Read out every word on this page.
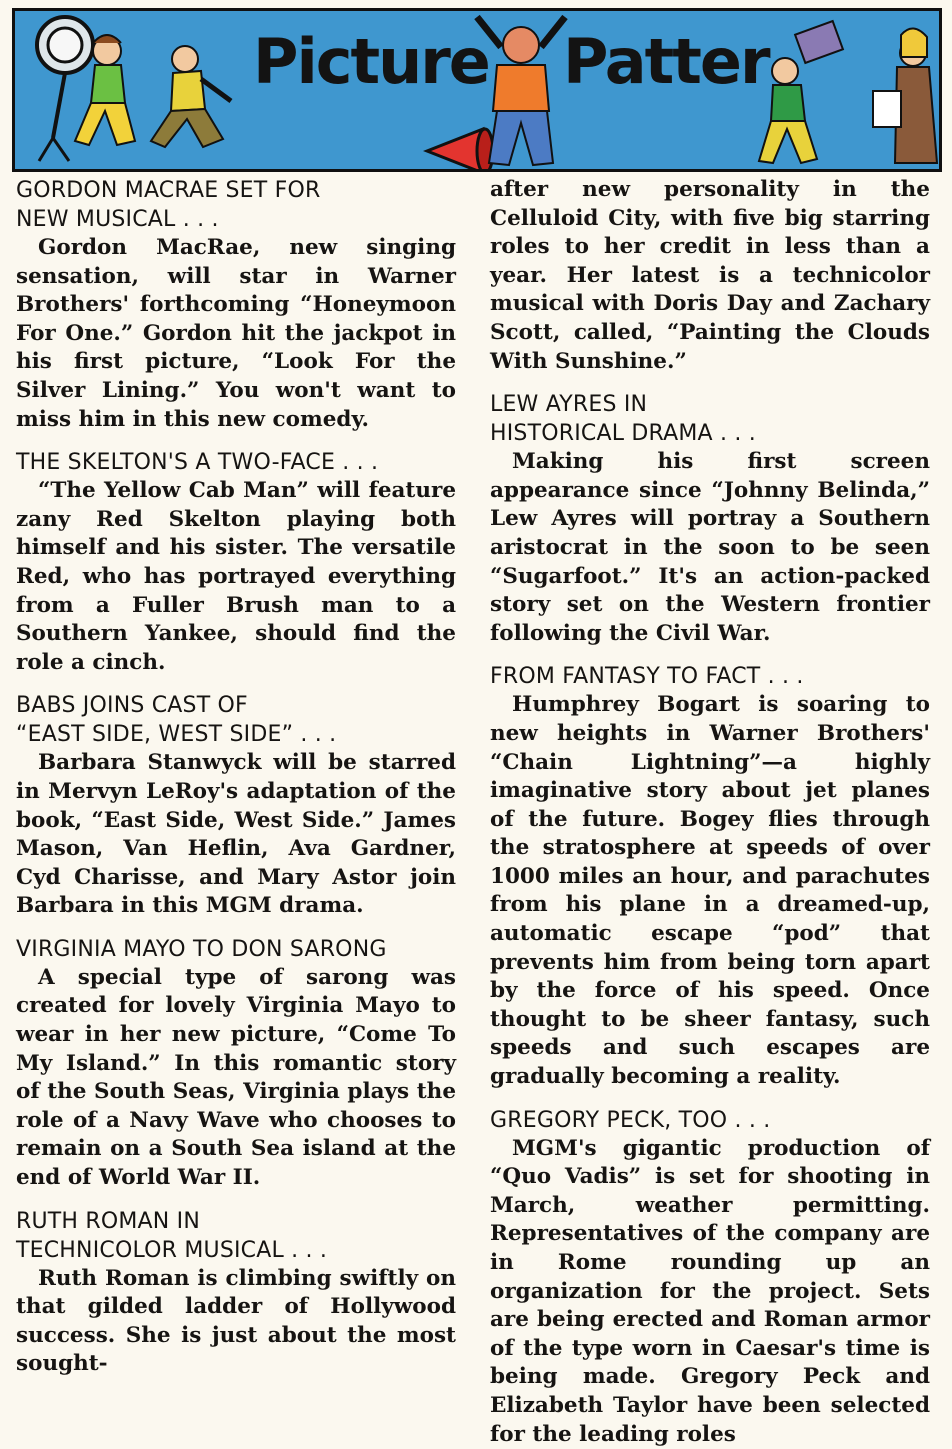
Picture Patter

GORDON MACRAE SET FOR
NEW MUSICAL . . .

Gordon MacRae, new singing sensation, will star in Warner Brothers' forthcoming “Honeymoon For One.” Gordon hit the jackpot in his first picture, “Look For the Silver Lining.” You won't want to miss him in this new comedy.

THE SKELTON'S A TWO-FACE . . .

“The Yellow Cab Man” will feature zany Red Skelton playing both himself and his sister. The versatile Red, who has portrayed everything from a Fuller Brush man to a Southern Yankee, should find the role a cinch.

BABS JOINS CAST OF
“EAST SIDE, WEST SIDE” . . .

Barbara Stanwyck will be starred in Mervyn LeRoy's adaptation of the book, “East Side, West Side.” James Mason, Van Heflin, Ava Gardner, Cyd Charisse, and Mary Astor join Barbara in this MGM drama.

VIRGINIA MAYO TO DON SARONG

A special type of sarong was created for lovely Virginia Mayo to wear in her new picture, “Come To My Island.” In this romantic story of the South Seas, Virginia plays the role of a Navy Wave who chooses to remain on a South Sea island at the end of World War II.

RUTH ROMAN IN
TECHNICOLOR MUSICAL . . .

Ruth Roman is climbing swiftly on that gilded ladder of Hollywood success. She is just about the most sought-

after new personality in the Celluloid City, with five big starring roles to her credit in less than a year. Her latest is a technicolor musical with Doris Day and Zachary Scott, called, “Painting the Clouds With Sunshine.”

LEW AYRES IN
HISTORICAL DRAMA . . .

Making his first screen appearance since “Johnny Belinda,” Lew Ayres will portray a Southern aristocrat in the soon to be seen “Sugarfoot.” It's an action-packed story set on the Western frontier following the Civil War.

FROM FANTASY TO FACT . . .

Humphrey Bogart is soaring to new heights in Warner Brothers' “Chain Lightning”—a highly imaginative story about jet planes of the future. Bogey flies through the stratosphere at speeds of over 1000 miles an hour, and parachutes from his plane in a dreamed-up, automatic escape “pod” that prevents him from being torn apart by the force of his speed. Once thought to be sheer fantasy, such speeds and such escapes are gradually becoming a reality.

GREGORY PECK, TOO . . .

MGM's gigantic production of “Quo Vadis” is set for shooting in March, weather permitting. Representatives of the company are in Rome rounding up an organization for the project. Sets are being erected and Roman armor of the type worn in Caesar's time is being made. Gregory Peck and Elizabeth Taylor have been selected for the leading roles
